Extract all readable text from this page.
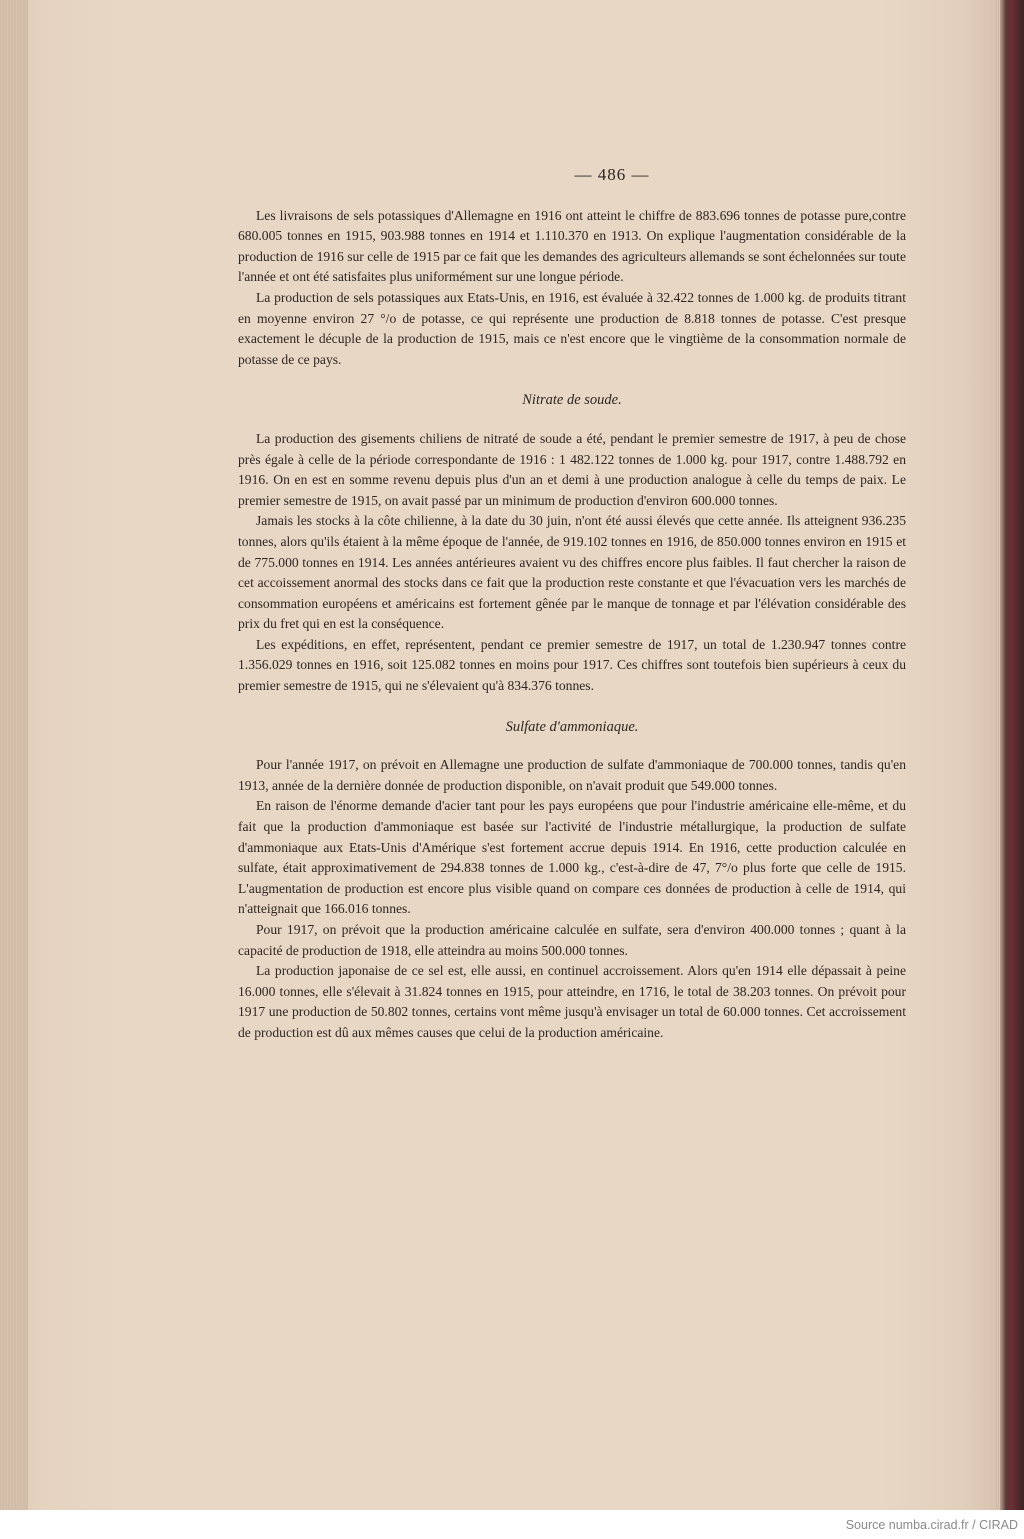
— 486 —

Les livraisons de sels potassiques d'Allemagne en 1916 ont atteint le chiffre de 883.696 tonnes de potasse pure,contre 680.005 tonnes en 1915, 903.988 tonnes en 1914 et 1.110.370 en 1913. On explique l'augmentation considérable de la production de 1916 sur celle de 1915 par ce fait que les demandes des agriculteurs allemands se sont échelonnées sur toute l'année et ont été satisfaites plus uniformément sur une longue période.

La production de sels potassiques aux Etats-Unis, en 1916, est évaluée à 32.422 tonnes de 1.000 kg. de produits titrant en moyenne environ 27 °/o de potasse, ce qui représente une production de 8.818 tonnes de potasse. C'est presque exactement le décuple de la production de 1915, mais ce n'est encore que le vingtième de la consommation normale de potasse de ce pays.

Nitrate de soude.

La production des gisements chiliens de nitraté de soude a été, pendant le premier semestre de 1917, à peu de chose près égale à celle de la période correspondante de 1916 : 1 482.122 tonnes de 1.000 kg. pour 1917, contre 1.488.792 en 1916. On en est en somme revenu depuis plus d'un an et demi à une production analogue à celle du temps de paix. Le premier semestre de 1915, on avait passé par un minimum de production d'environ 600.000 tonnes.

Jamais les stocks à la côte chilienne, à la date du 30 juin, n'ont été aussi élevés que cette année. Ils atteignent 936.235 tonnes, alors qu'ils étaient à la même époque de l'année, de 919.102 tonnes en 1916, de 850.000 tonnes environ en 1915 et de 775.000 tonnes en 1914. Les années antérieures avaient vu des chiffres encore plus faibles. Il faut chercher la raison de cet accoissement anormal des stocks dans ce fait que la production reste constante et que l'évacuation vers les marchés de consommation européens et américains est fortement gênée par le manque de tonnage et par l'élévation considérable des prix du fret qui en est la conséquence.

Les expéditions, en effet, représentent, pendant ce premier semestre de 1917, un total de 1.230.947 tonnes contre 1.356.029 tonnes en 1916, soit 125.082 tonnes en moins pour 1917. Ces chiffres sont toutefois bien supérieurs à ceux du premier semestre de 1915, qui ne s'élevaient qu'à 834.376 tonnes.

Sulfate d'ammoniaque.

Pour l'année 1917, on prévoit en Allemagne une production de sulfate d'ammoniaque de 700.000 tonnes, tandis qu'en 1913, année de la dernière donnée de production disponible, on n'avait produit que 549.000 tonnes.

En raison de l'énorme demande d'acier tant pour les pays européens que pour l'industrie américaine elle-même, et du fait que la production d'ammoniaque est basée sur l'activité de l'industrie métallurgique, la production de sulfate d'ammoniaque aux Etats-Unis d'Amérique s'est fortement accrue depuis 1914. En 1916, cette production calculée en sulfate, était approximativement de 294.838 tonnes de 1.000 kg., c'est-à-dire de 47, 7°/o plus forte que celle de 1915. L'augmentation de production est encore plus visible quand on compare ces données de production à celle de 1914, qui n'atteignait que 166.016 tonnes.

Pour 1917, on prévoit que la production américaine calculée en sulfate, sera d'environ 400.000 tonnes ; quant à la capacité de production de 1918, elle atteindra au moins 500.000 tonnes.

La production japonaise de ce sel est, elle aussi, en continuel accroissement. Alors qu'en 1914 elle dépassait à peine 16.000 tonnes, elle s'élevait à 31.824 tonnes en 1915, pour atteindre, en 1716, le total de 38.203 tonnes. On prévoit pour 1917 une production de 50.802 tonnes, certains vont même jusqu'à envisager un total de 60.000 tonnes. Cet accroissement de production est dû aux mêmes causes que celui de la production américaine.

Source numba.cirad.fr / CIRAD
